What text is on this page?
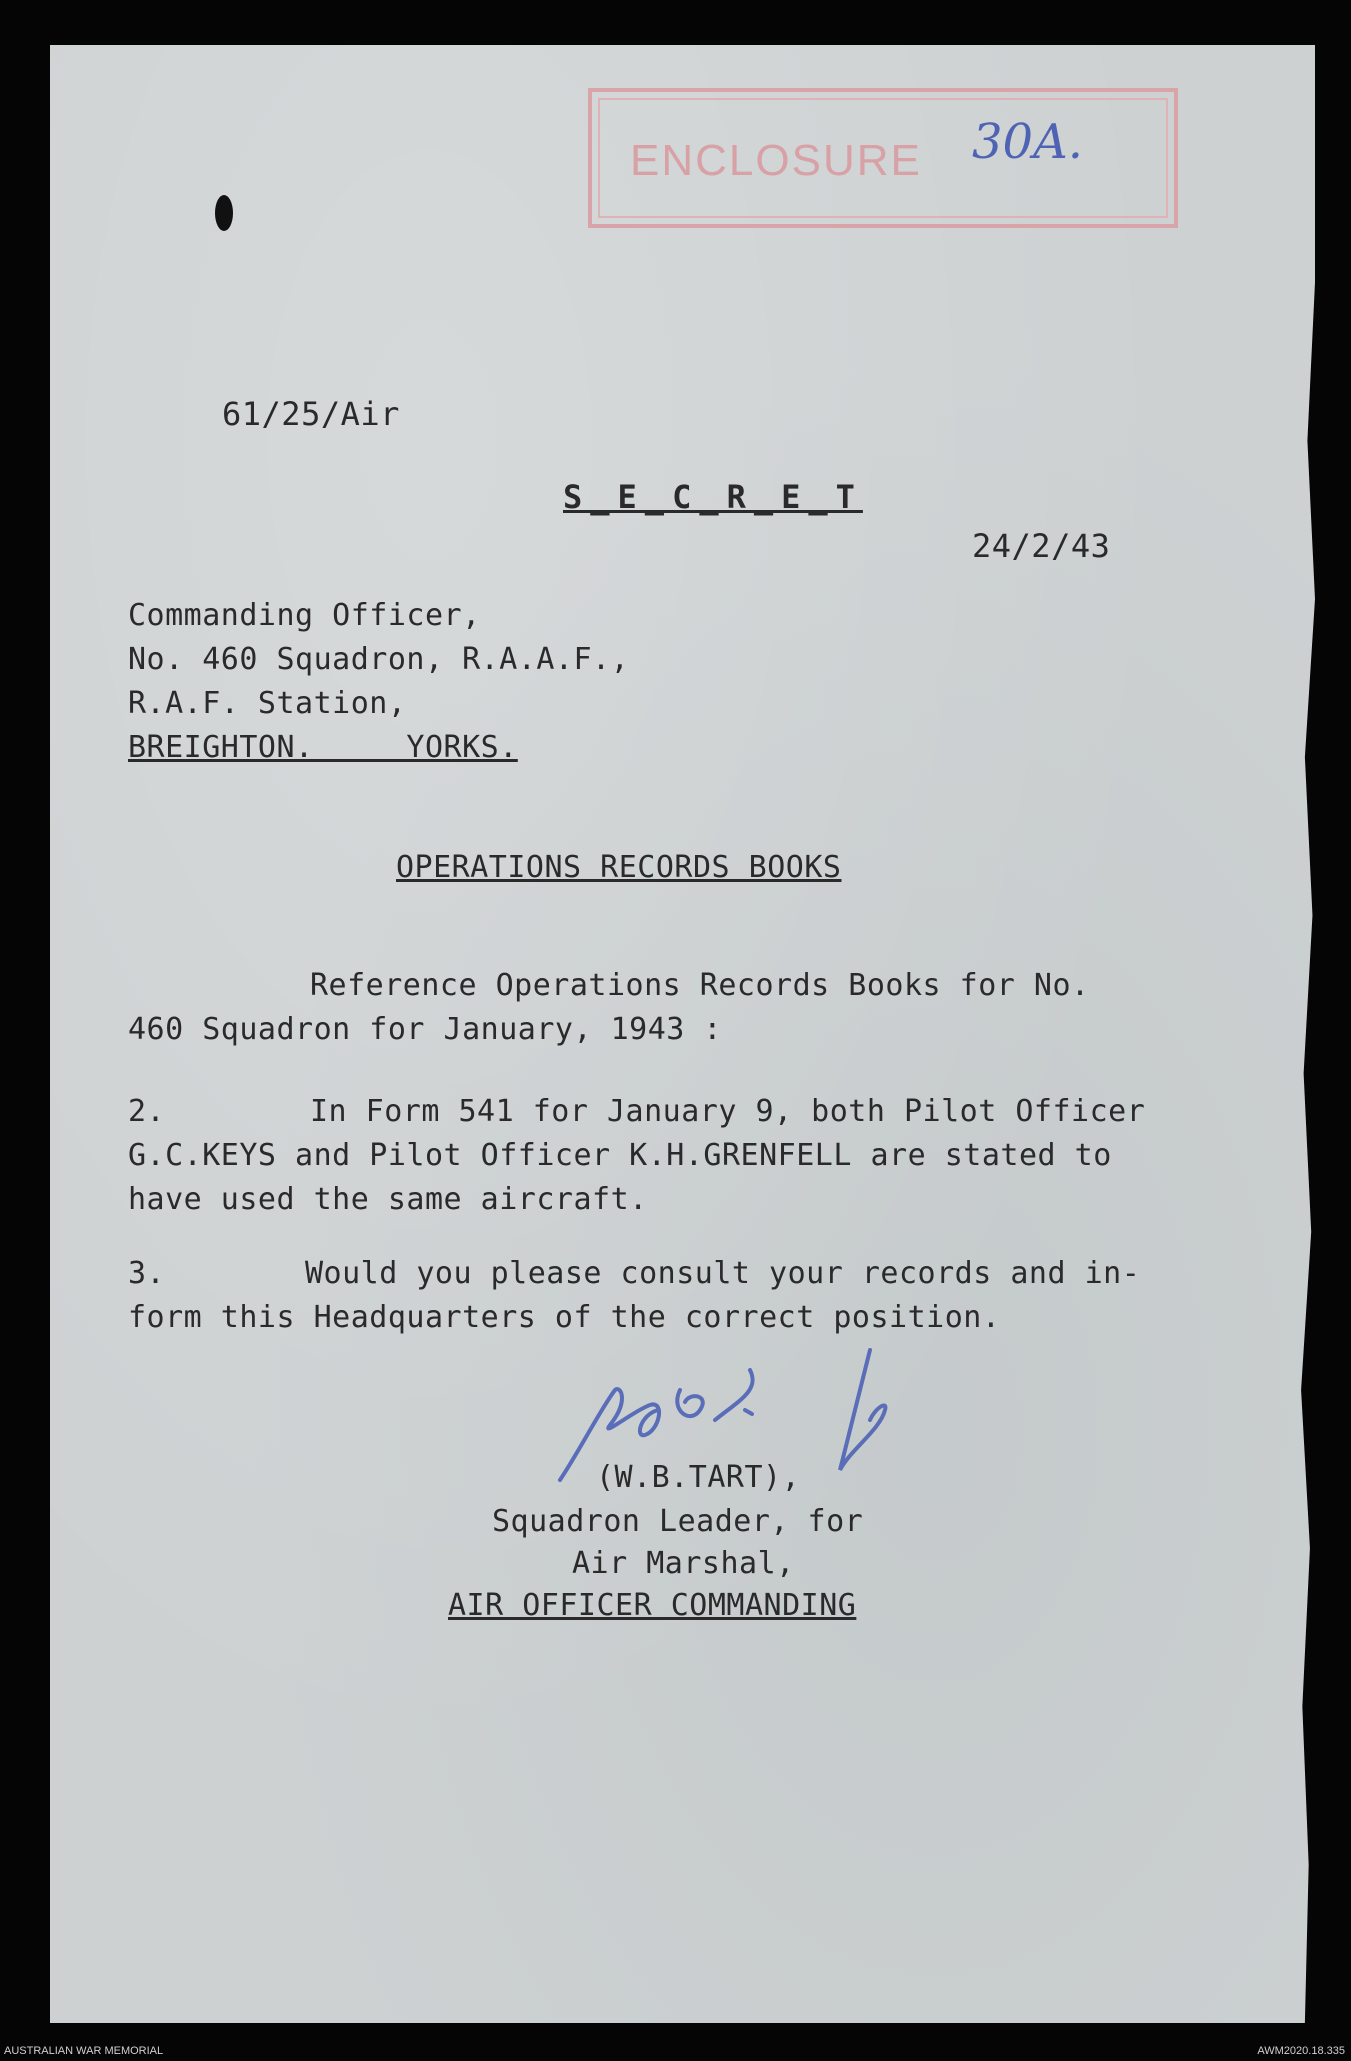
ENCLOSURE 30A.
61/25/Air
S_E_C_R_E_T
24/2/43
Commanding Officer,
No. 460 Squadron, R.A.A.F.,
R.A.F. Station,
BREIGHTON.     YORKS.
OPERATIONS RECORDS BOOKS
Reference Operations Records Books for No.
460 Squadron for January, 1943 :
2.	In Form 541 for January 9, both Pilot Officer
G.C.KEYS and Pilot Officer K.H.GRENFELL are stated to
have used the same aircraft.
3.	Would you please consult your records and in-
form this Headquarters of the correct position.
(W.B.TART),
Squadron Leader, for
Air Marshal,
AIR OFFICER COMMANDING
AUSTRALIAN WAR MEMORIAL	AWM2020.18.335
